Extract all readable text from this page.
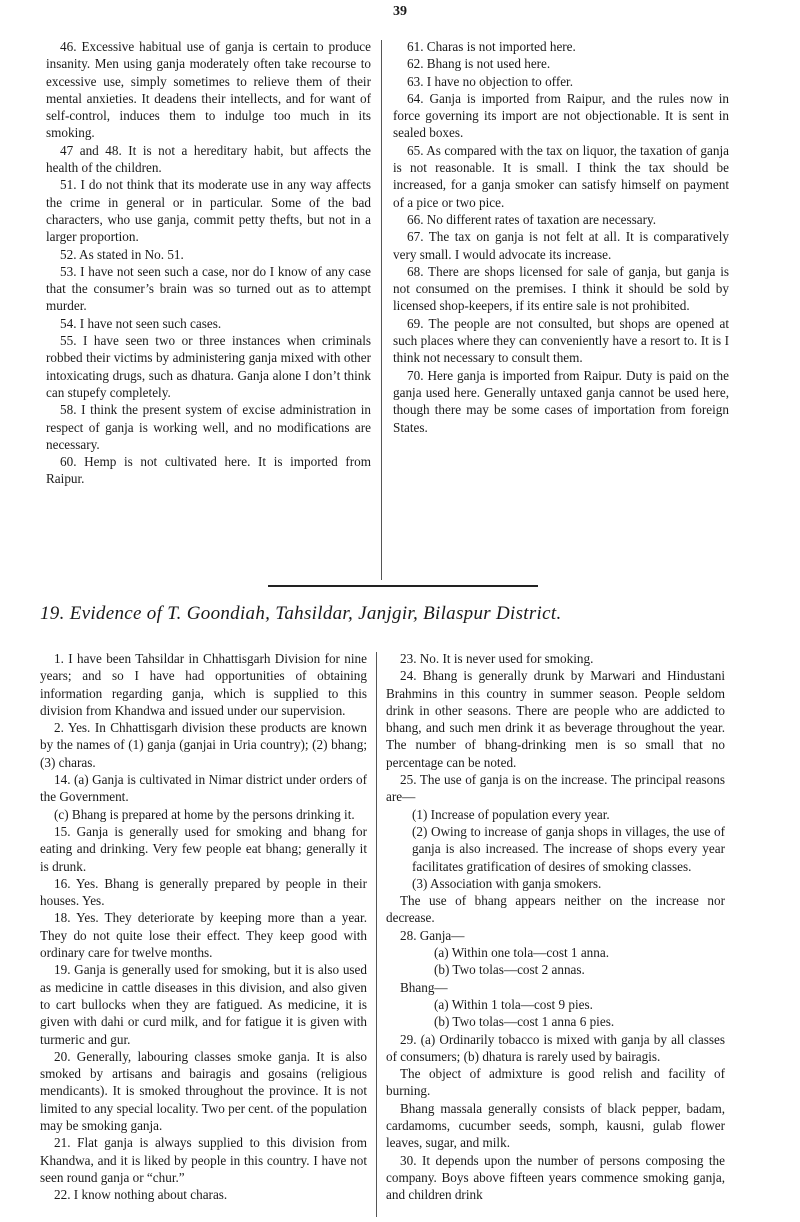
39

46. Excessive habitual use of ganja is certain to produce insanity. Men using ganja moderately often take recourse to excessive use, simply sometimes to relieve them of their mental anxieties. It deadens their intellects, and for want of self-control, induces them to indulge too much in its smoking.

47 and 48. It is not a hereditary habit, but affects the health of the children.

51. I do not think that its moderate use in any way affects the crime in general or in particular. Some of the bad characters, who use ganja, commit petty thefts, but not in a larger proportion.

52. As stated in No. 51.

53. I have not seen such a case, nor do I know of any case that the consumer’s brain was so turned out as to attempt murder.

54. I have not seen such cases.

55. I have seen two or three instances when criminals robbed their victims by administering ganja mixed with other intoxicating drugs, such as dhatura. Ganja alone I don’t think can stupefy completely.

58. I think the present system of excise administration in respect of ganja is working well, and no modifications are necessary.

60. Hemp is not cultivated here. It is imported from Raipur.

61. Charas is not imported here.

62. Bhang is not used here.

63. I have no objection to offer.

64. Ganja is imported from Raipur, and the rules now in force governing its import are not objectionable. It is sent in sealed boxes.

65. As compared with the tax on liquor, the taxation of ganja is not reasonable. It is small. I think the tax should be increased, for a ganja smoker can satisfy himself on payment of a pice or two pice.

66. No different rates of taxation are necessary.

67. The tax on ganja is not felt at all. It is comparatively very small. I would advocate its increase.

68. There are shops licensed for sale of ganja, but ganja is not consumed on the premises. I think it should be sold by licensed shop-keepers, if its entire sale is not prohibited.

69. The people are not consulted, but shops are opened at such places where they can conveniently have a resort to. It is I think not necessary to consult them.

70. Here ganja is imported from Raipur. Duty is paid on the ganja used here. Generally untaxed ganja cannot be used here, though there may be some cases of importation from foreign States.

19. Evidence of T. Goondiah, Tahsildar, Janjgir, Bilaspur District.

1. I have been Tahsildar in Chhattisgarh Division for nine years; and so I have had opportunities of obtaining information regarding ganja, which is supplied to this division from Khandwa and issued under our supervision.

2. Yes. In Chhattisgarh division these products are known by the names of (1) ganja (ganjai in Uria country); (2) bhang; (3) charas.

14. (a) Ganja is cultivated in Nimar district under orders of the Government.

(c) Bhang is prepared at home by the persons drinking it.

15. Ganja is generally used for smoking and bhang for eating and drinking. Very few people eat bhang; generally it is drunk.

16. Yes. Bhang is generally prepared by people in their houses. Yes.

18. Yes. They deteriorate by keeping more than a year. They do not quite lose their effect. They keep good with ordinary care for twelve months.

19. Ganja is generally used for smoking, but it is also used as medicine in cattle diseases in this division, and also given to cart bullocks when they are fatigued. As medicine, it is given with dahi or curd milk, and for fatigue it is given with turmeric and gur.

20. Generally, labouring classes smoke ganja. It is also smoked by artisans and bairagis and gosains (religious mendicants). It is smoked throughout the province. It is not limited to any special locality. Two per cent. of the population may be smoking ganja.

21. Flat ganja is always supplied to this division from Khandwa, and it is liked by people in this country. I have not seen round ganja or “chur.”

22. I know nothing about charas.

23. No. It is never used for smoking.

24. Bhang is generally drunk by Marwari and Hindustani Brahmins in this country in summer season. People seldom drink in other seasons. There are people who are addicted to bhang, and such men drink it as beverage throughout the year. The number of bhang-drinking men is so small that no percentage can be noted.

25. The use of ganja is on the increase. The principal reasons are—

(1) Increase of population every year.

(2) Owing to increase of ganja shops in villages, the use of ganja is also increased. The increase of shops every year facilitates gratification of desires of smoking classes.

(3) Association with ganja smokers.

The use of bhang appears neither on the increase nor decrease.

28. Ganja—

(a) Within one tola—cost 1 anna.

(b) Two tolas—cost 2 annas.

Bhang—

(a) Within 1 tola—cost 9 pies.

(b) Two tolas—cost 1 anna 6 pies.

29. (a) Ordinarily tobacco is mixed with ganja by all classes of consumers; (b) dhatura is rarely used by bairagis.

The object of admixture is good relish and facility of burning.

Bhang massala generally consists of black pepper, badam, cardamoms, cucumber seeds, somph, kausni, gulab flower leaves, sugar, and milk.

30. It depends upon the number of persons composing the company. Boys above fifteen years commence smoking ganja, and children drink
